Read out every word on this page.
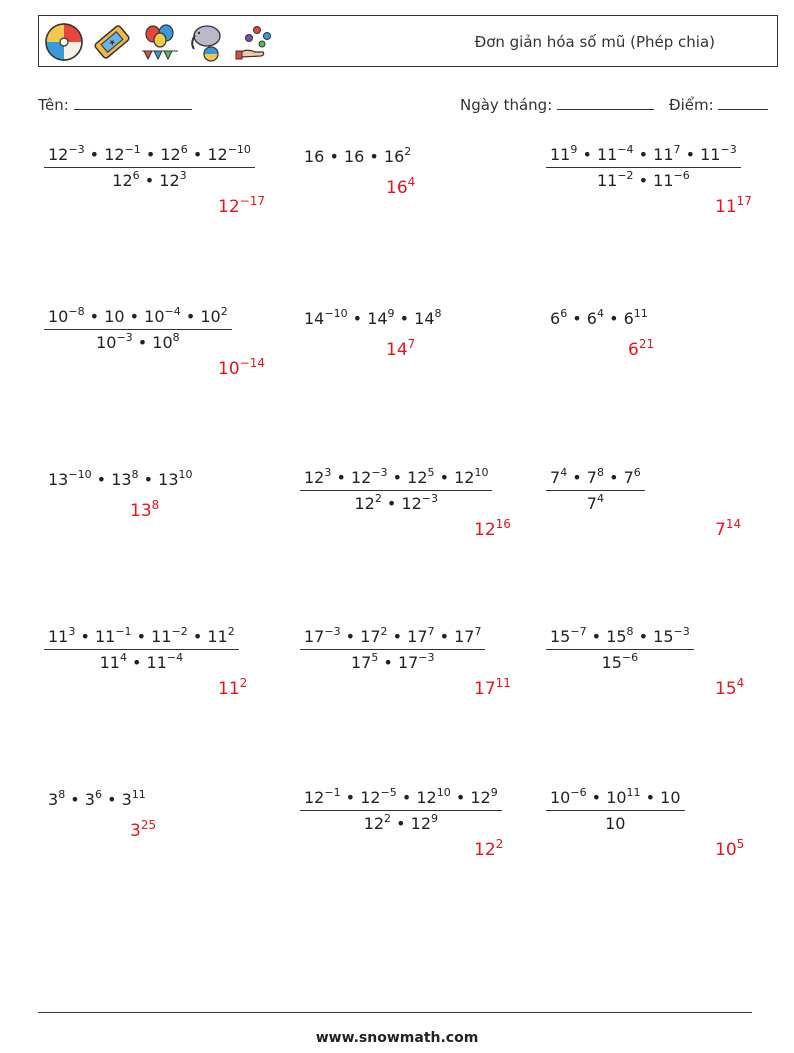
★	Đơn giản hóa số mũ (Phép chia)
Tên:	Ngày tháng:	Điểm:
$\frac{12^{-3} • 12^{-1} • 12^6 • 12^{-10}}{12^6 • 12^3}$
$12^{-17}$
16 • 16 • $16^2$
$16^4$	$\frac{11^9 • 11^{-4} • 11^7 • 11^{-3}}{11^{-2} • 11^{-6}}$
$11^{17}$
$\frac{10^{-8} • 10 • 10^{-4} • 10^2}{10^{-3} • 10^8}$
$10^{-14}$
$14^{-10}$ • $14^9$ • $14^8$
$14^7$
$6^6$ • $6^4$ • $6^{11}$
$6^{21}$
$13^{-10}$ • $13^8$ • $13^{10}$
$13^8$	$\frac{12^3 • 12^{-3} • 12^5 • 12^{10}}{12^2 • 12^{-3}}$
$12^{16}$
$\frac{7^4 • 7^8 • 7^6}{7^4}$
$7^{14}$
$\frac{11^3 • 11^{-1} • 11^{-2} • 11^2}{11^4 • 11^{-4}}$
$11^2$
$\frac{17^{-3} • 17^2 • 17^7 • 17^7}{17^5 • 17^{-3}}$
$17^{11}$
$\frac{15^{-7} • 15^8 • 15^{-3}}{15^{-6}}$
$15^4$
$3^8$ • $3^6$ • $3^{11}$
$3^{25}$	$\frac{12^{-1} • 12^{-5} • 12^{10} • 12^9}{12^2 • 12^9}$
$12^2$
$\frac{10^{-6} • 10^{11} • 10}{10}$
$10^5$
www.snowmath.com
